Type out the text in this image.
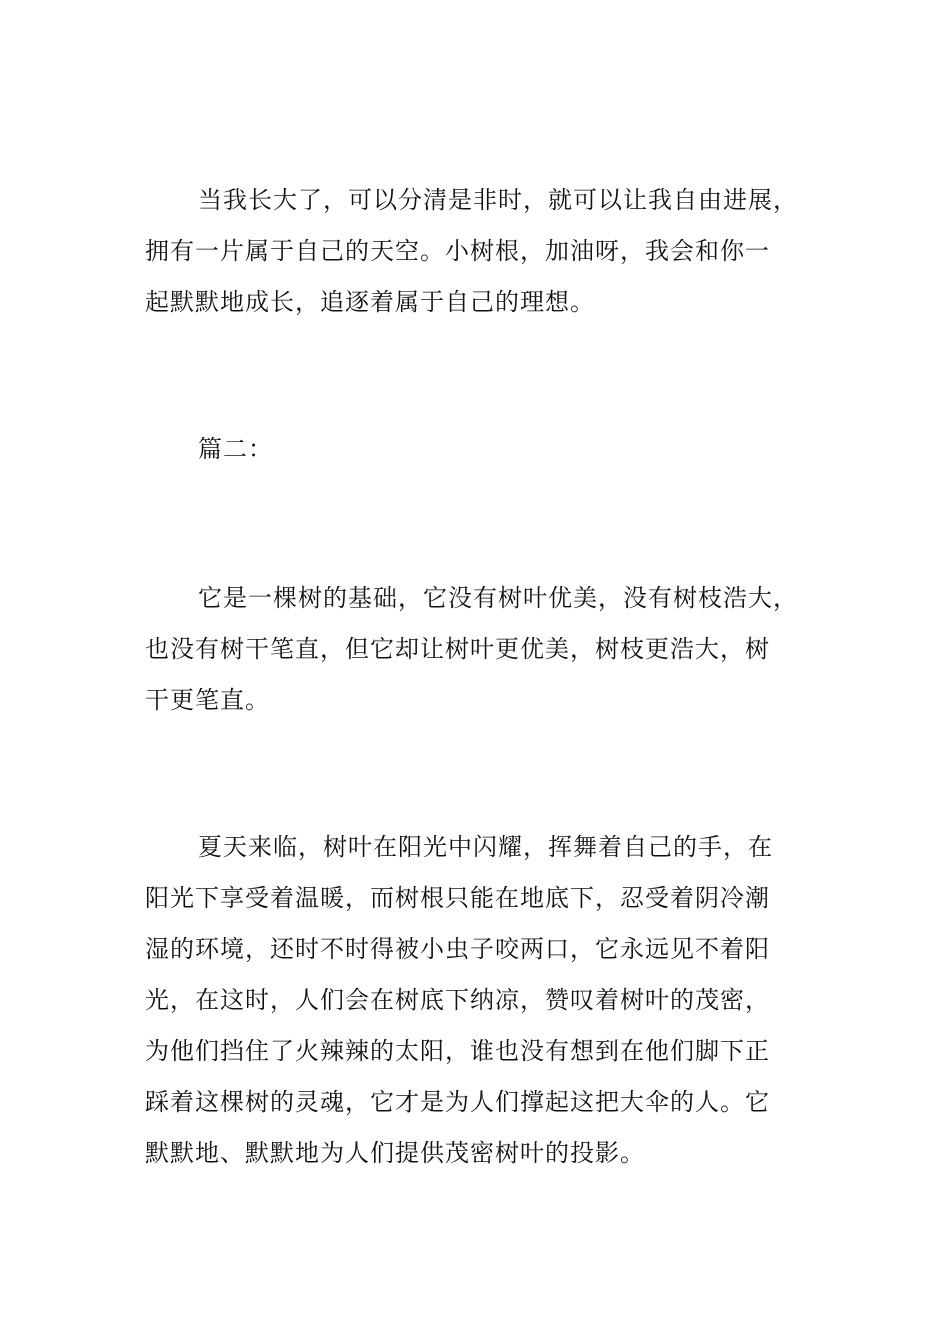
当我长大了，可以分清是非时，就可以让我自由进展，
拥有一片属于自己的天空。小树根，加油呀，我会和你一
起默默地成长，追逐着属于自己的理想。
篇二：
它是一棵树的基础，它没有树叶优美，没有树枝浩大，
也没有树干笔直，但它却让树叶更优美，树枝更浩大，树
干更笔直。
夏天来临，树叶在阳光中闪耀，挥舞着自己的手，在
阳光下享受着温暖，而树根只能在地底下，忍受着阴冷潮
湿的环境，还时不时得被小虫子咬两口，它永远见不着阳
光，在这时，人们会在树底下纳凉，赞叹着树叶的茂密，
为他们挡住了火辣辣的太阳，谁也没有想到在他们脚下正
踩着这棵树的灵魂，它才是为人们撑起这把大伞的人。它
默默地、默默地为人们提供茂密树叶的投影。
